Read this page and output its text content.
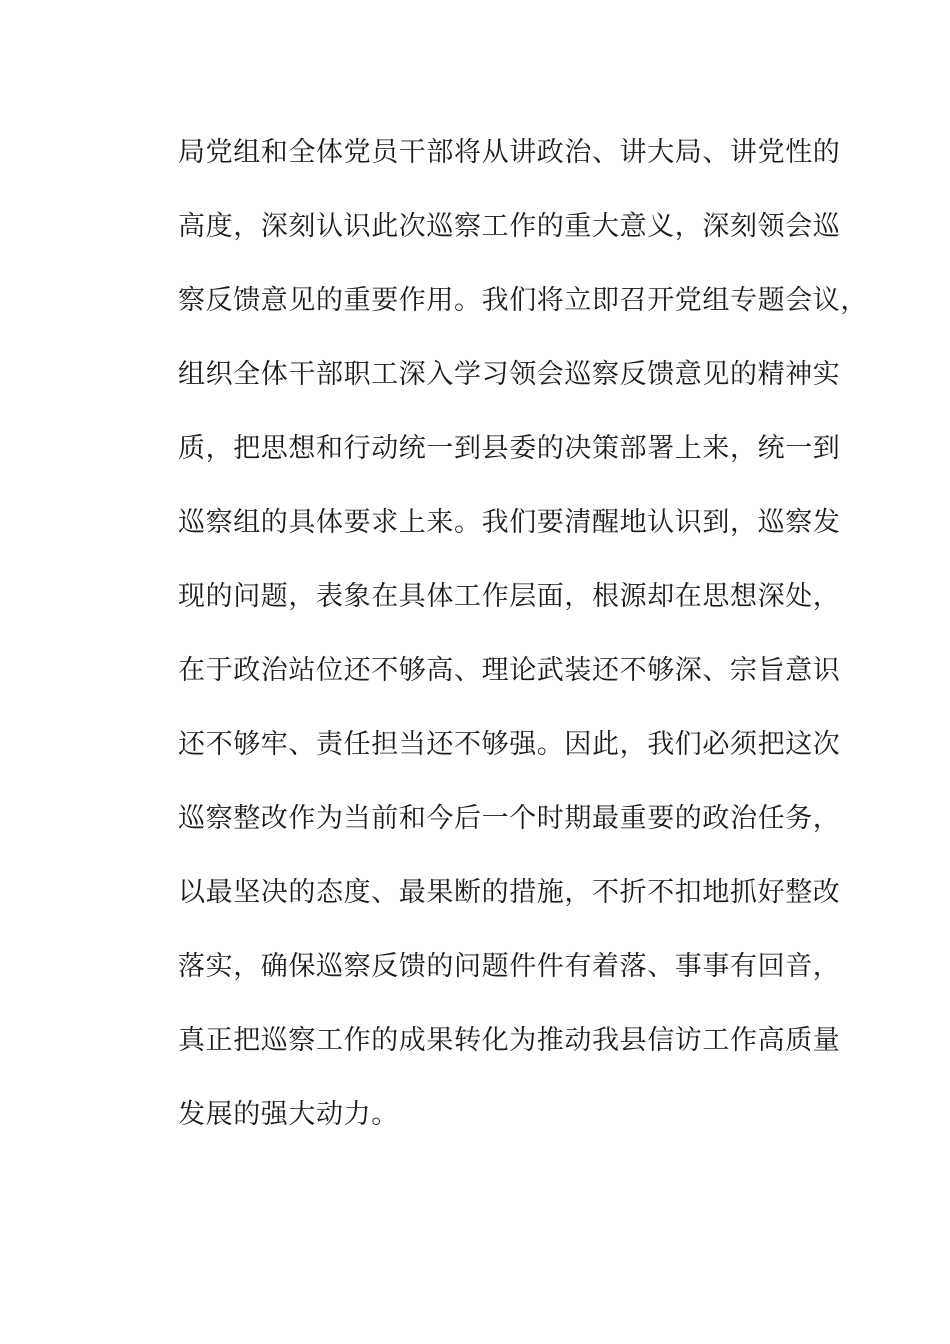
局党组和全体党员干部将从讲政治、讲大局、讲党性的
高度，深刻认识此次巡察工作的重大意义，深刻领会巡
察反馈意见的重要作用。我们将立即召开党组专题会议，
组织全体干部职工深入学习领会巡察反馈意见的精神实
质，把思想和行动统一到县委的决策部署上来，统一到
巡察组的具体要求上来。我们要清醒地认识到，巡察发
现的问题，表象在具体工作层面，根源却在思想深处，
在于政治站位还不够高、理论武装还不够深、宗旨意识
还不够牢、责任担当还不够强。因此，我们必须把这次
巡察整改作为当前和今后一个时期最重要的政治任务，
以最坚决的态度、最果断的措施，不折不扣地抓好整改
落实，确保巡察反馈的问题件件有着落、事事有回音，
真正把巡察工作的成果转化为推动我县信访工作高质量
发展的强大动力。
